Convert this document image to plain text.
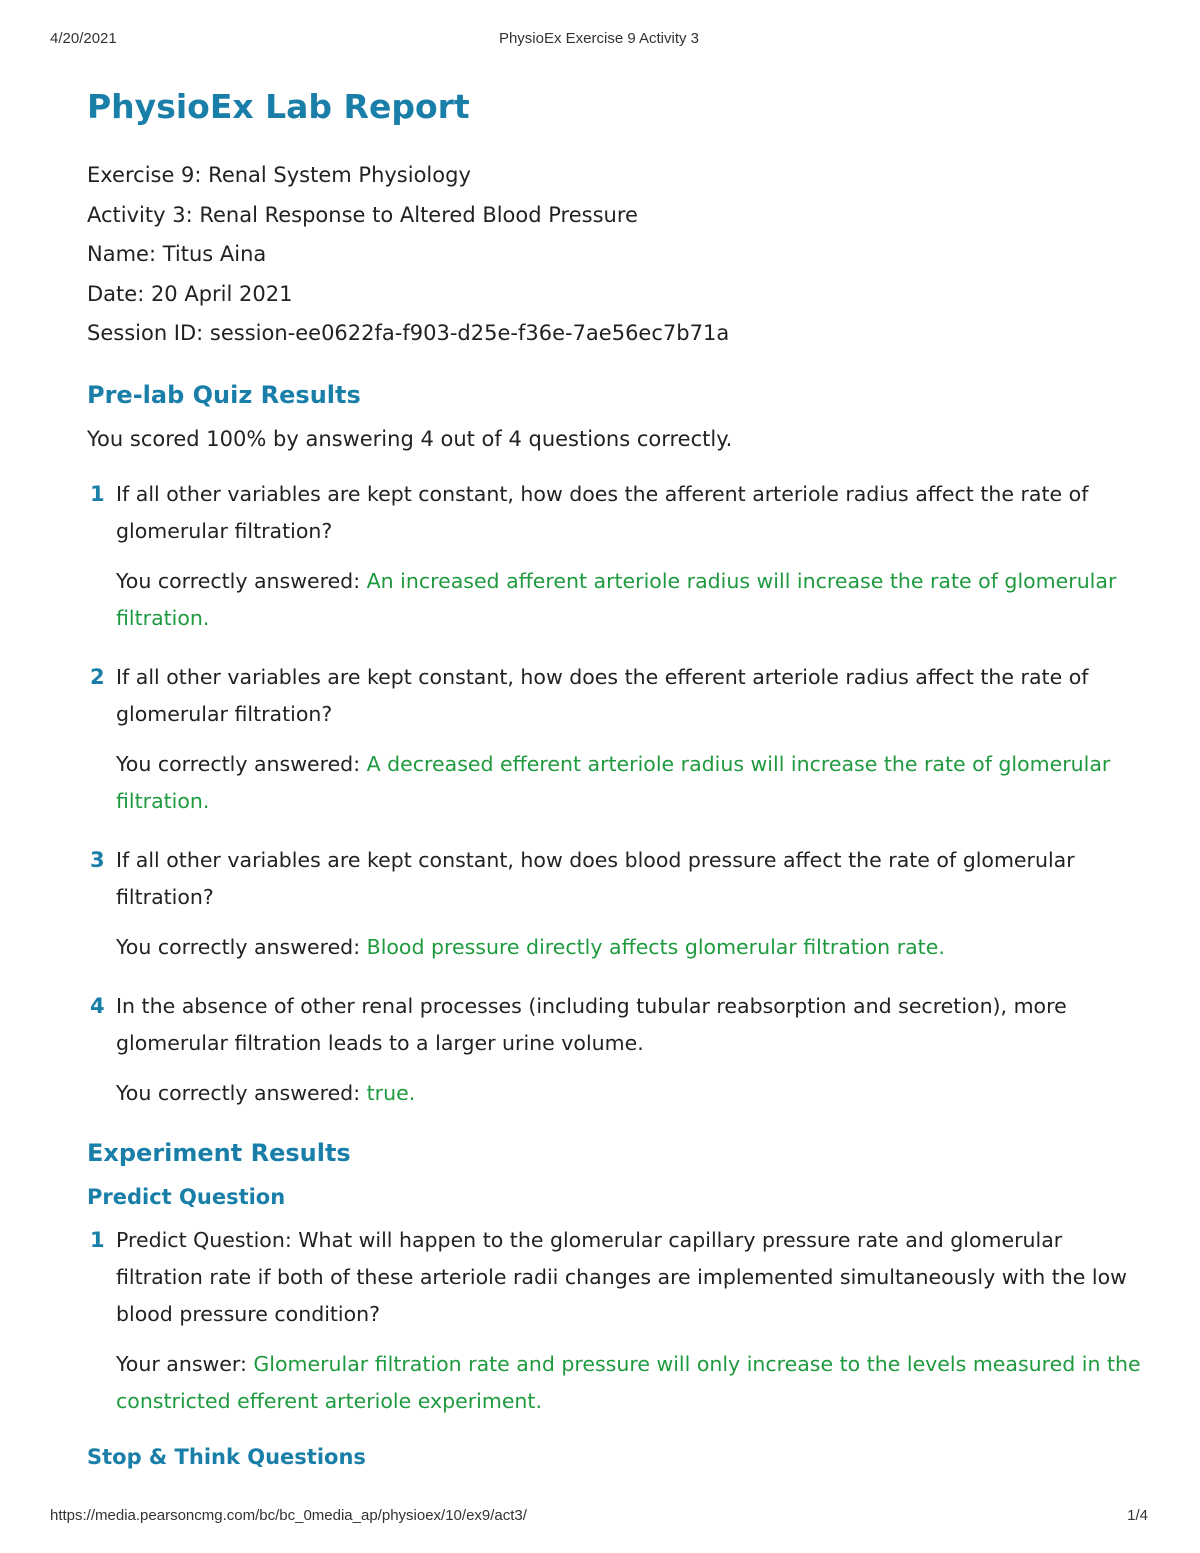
4/20/2021	PhysioEx Exercise 9 Activity 3
PhysioEx Lab Report

Exercise 9: Renal System Physiology

Activity 3: Renal Response to Altered Blood Pressure

Name: Titus Aina

Date: 20 April 2021

Session ID: session-ee0622fa-f903-d25e-f36e-7ae56ec7b71a

Pre-lab Quiz Results

You scored 100% by answering 4 out of 4 questions correctly.

1 If all other variables are kept constant, how does the afferent arteriole radius affect the rate of glomerular filtration?

You correctly answered: An increased afferent arteriole radius will increase the rate of glomerular filtration.

2 If all other variables are kept constant, how does the efferent arteriole radius affect the rate of glomerular filtration?

You correctly answered: A decreased efferent arteriole radius will increase the rate of glomerular filtration.

3 If all other variables are kept constant, how does blood pressure affect the rate of glomerular filtration?

You correctly answered: Blood pressure directly affects glomerular filtration rate.

4 In the absence of other renal processes (including tubular reabsorption and secretion), more glomerular filtration leads to a larger urine volume.

You correctly answered: true.

Experiment Results
Predict Question
1 Predict Question: What will happen to the glomerular capillary pressure rate and glomerular filtration rate if both of these arteriole radii changes are implemented simultaneously with the low blood pressure condition?

Your answer: Glomerular filtration rate and pressure will only increase to the levels measured in the constricted efferent arteriole experiment.

Stop & Think Questions
https://media.pearsoncmg.com/bc/bc_0media_ap/physioex/10/ex9/act3/	1/4
